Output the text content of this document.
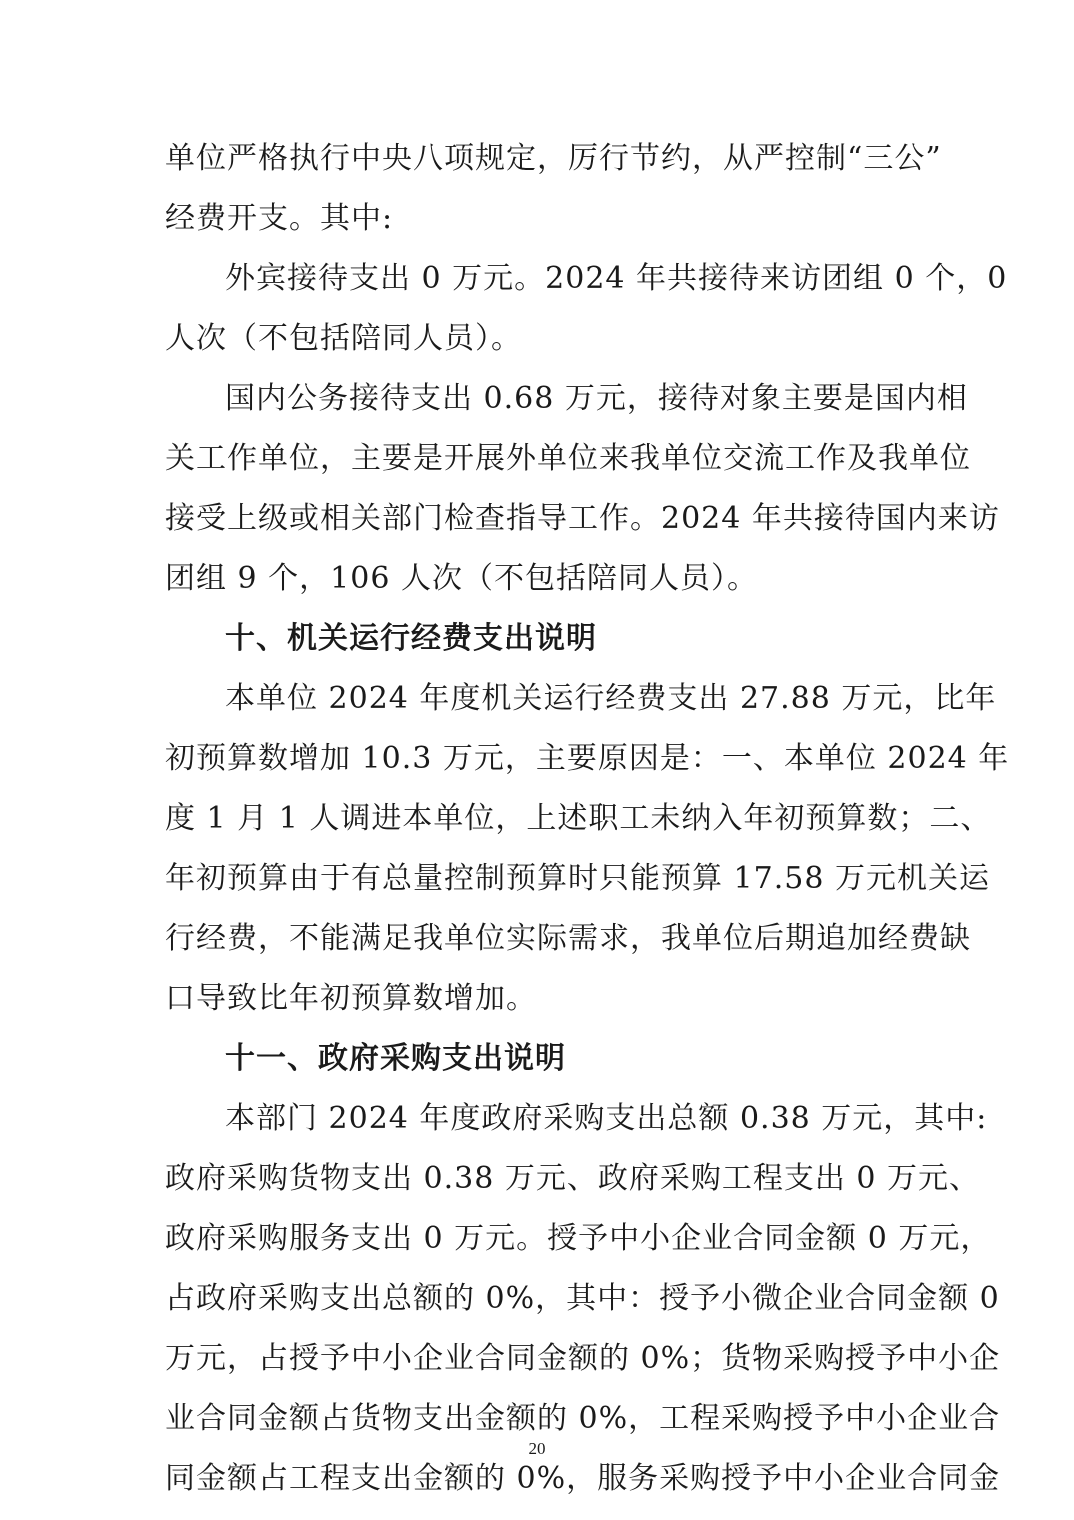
单位严格执行中央八项规定，厉行节约，从严控制“三公”
经费开支。其中:
外宾接待支出 0 万元。2024 年共接待来访团组 0 个，0
人次（不包括陪同人员）。
国内公务接待支出 0.68 万元，接待对象主要是国内相
关工作单位，主要是开展外单位来我单位交流工作及我单位
接受上级或相关部门检查指导工作。2024 年共接待国内来访
团组 9 个，106 人次（不包括陪同人员）。
十、机关运行经费支出说明
本单位 2024 年度机关运行经费支出 27.88 万元，比年
初预算数增加 10.3 万元，主要原因是：一、本单位 2024 年
度 1 月 1 人调进本单位，上述职工未纳入年初预算数；二、
年初预算由于有总量控制预算时只能预算 17.58 万元机关运
行经费，不能满足我单位实际需求，我单位后期追加经费缺
口导致比年初预算数增加。
十一、政府采购支出说明
本部门 2024 年度政府采购支出总额 0.38 万元，其中:
政府采购货物支出 0.38 万元、政府采购工程支出 0 万元、
政府采购服务支出 0 万元。授予中小企业合同金额 0 万元，
占政府采购支出总额的 0%，其中：授予小微企业合同金额 0
万元，占授予中小企业合同金额的 0%；货物采购授予中小企
业合同金额占货物支出金额的 0%，工程采购授予中小企业合
同金额占工程支出金额的 0%，服务采购授予中小企业合同金
20
